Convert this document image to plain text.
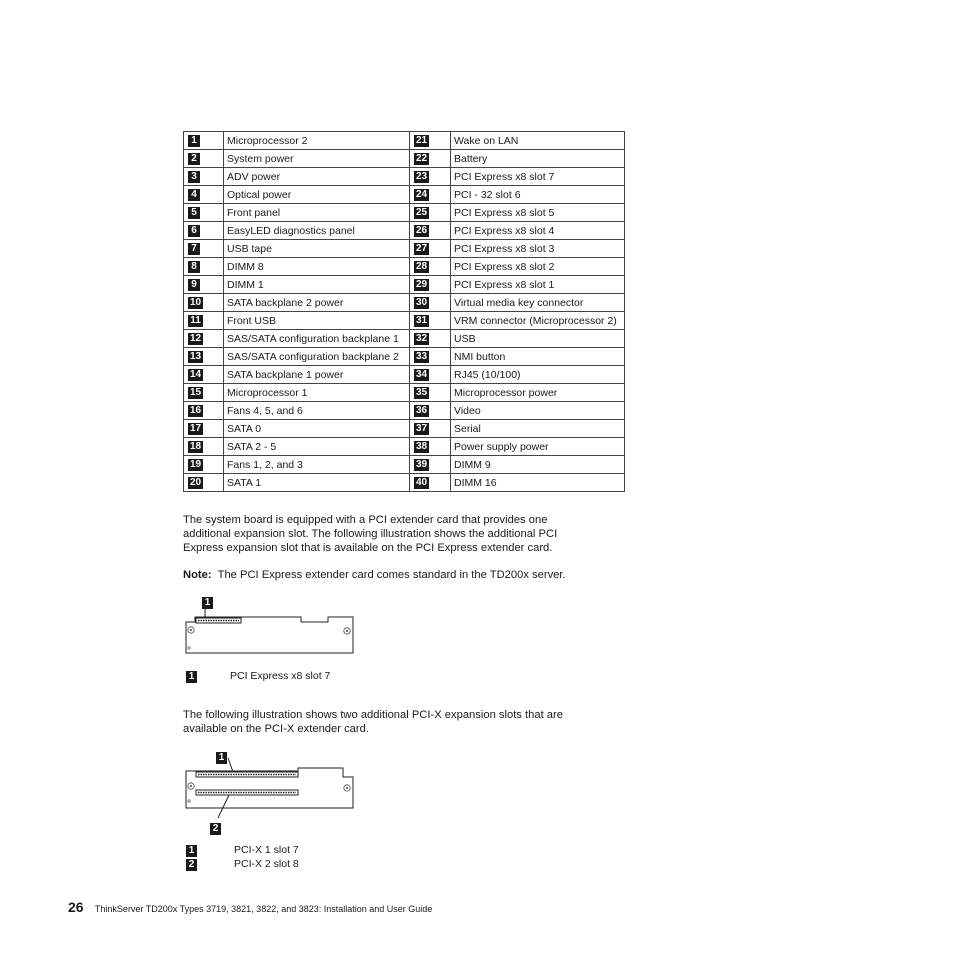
1	Microprocessor 2	21	Wake on LAN
2	System power	22	Battery
3	ADV power	23	PCI Express x8 slot 7
4	Optical power	24	PCI - 32 slot 6
5	Front panel	25	PCI Express x8 slot 5
6	EasyLED diagnostics panel	26	PCI Express x8 slot 4
7	USB tape	27	PCI Express x8 slot 3
8	DIMM 8	28	PCI Express x8 slot 2
9	DIMM 1	29	PCI Express x8 slot 1
10	SATA backplane 2 power	30	Virtual media key connector
11	Front USB	31	VRM connector (Microprocessor 2)
12	SAS/SATA configuration backplane 1	32	USB
13	SAS/SATA configuration backplane 2	33	NMI button
14	SATA backplane 1 power	34	RJ45 (10/100)
15	Microprocessor 1	35	Microprocessor power
16	Fans 4, 5, and 6	36	Video
17	SATA 0	37	Serial
18	SATA 2 - 5	38	Power supply power
19	Fans 1, 2, and 3	39	DIMM 9
20	SATA 1	40	DIMM 16
The system board is equipped with a PCI extender card that provides one additional expansion slot. The following illustration shows the additional PCI Express expansion slot that is available on the PCI Express extender card.
Note: The PCI Express extender card comes standard in the TD200x server.
1
1	PCI Express x8 slot 7
The following illustration shows two additional PCI-X expansion slots that are available on the PCI-X extender card.
1
2
1	PCI-X 1 slot 7
2	PCI-X 2 slot 8
26 ThinkServer TD200x Types 3719, 3821, 3822, and 3823: Installation and User Guide
